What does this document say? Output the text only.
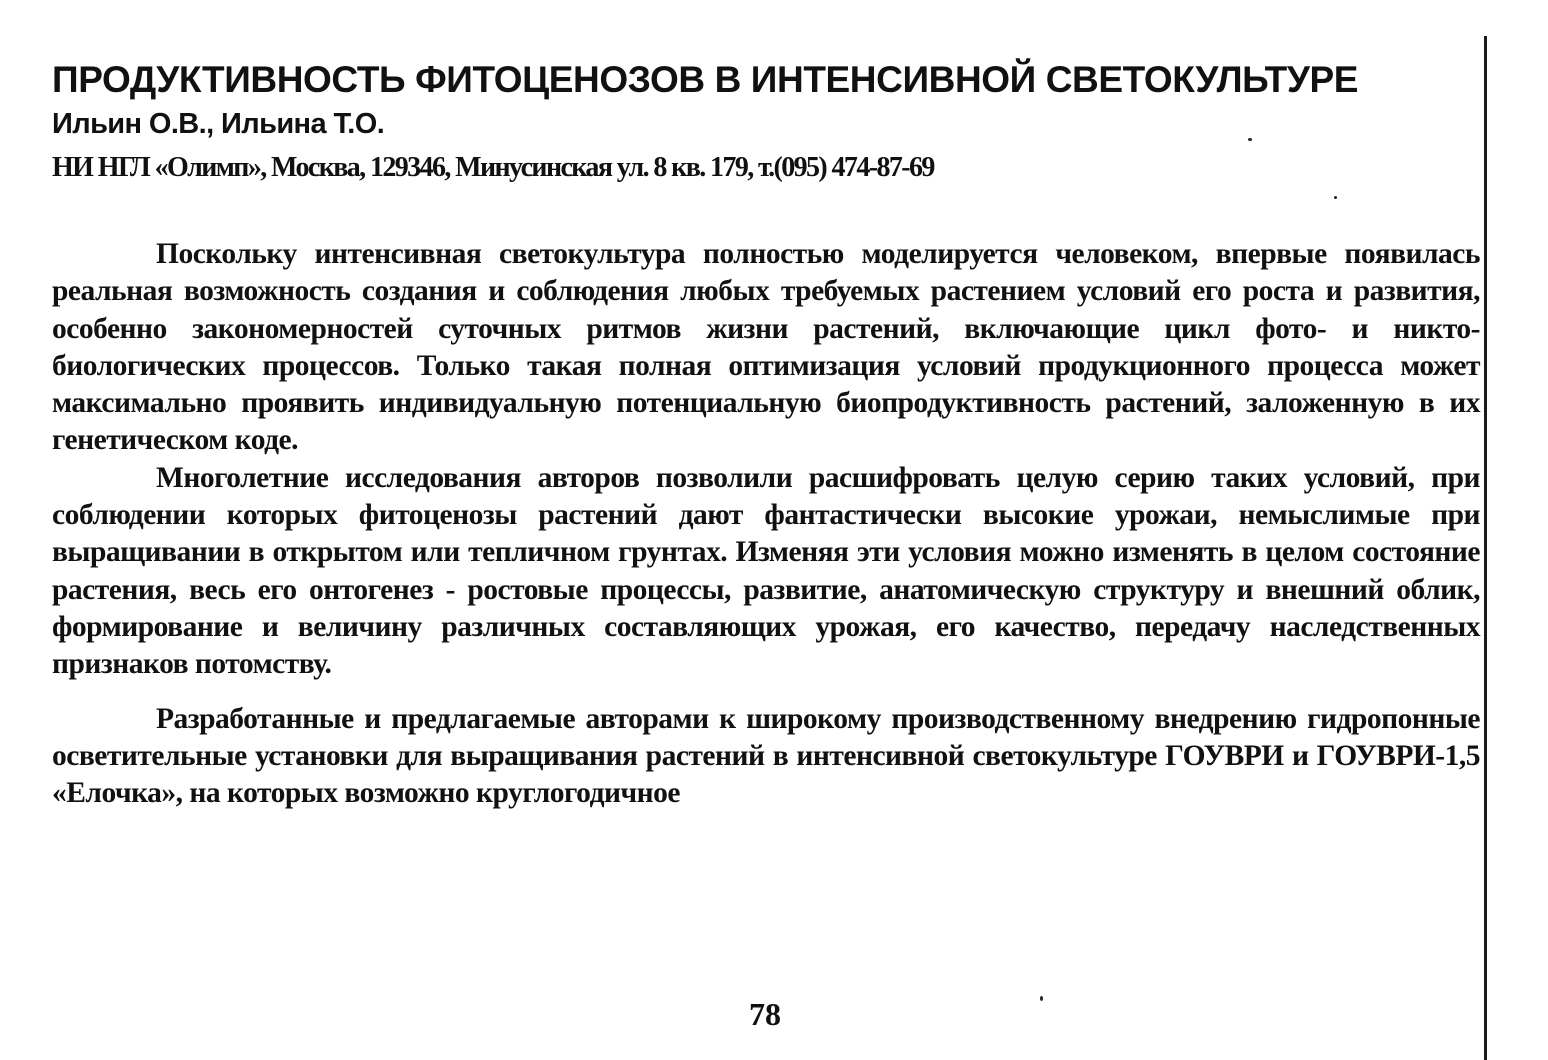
ПРОДУКТИВНОСТЬ ФИТОЦЕНОЗОВ В ИНТЕНСИВНОЙ СВЕТОКУЛЬТУРЕ
Ильин О.В., Ильина Т.О.
НИ НГЛ «Олимп», Москва, 129346, Минусинская ул. 8 кв. 179, т.(095) 474-87-69

Поскольку интенсивная светокультура полностью моделируется человеком, впервые появилась реальная возможность создания и соблюдения любых требуемых растением условий его роста и развития, особенно закономерностей суточных ритмов жизни растений, включающие цикл фото- и никто- биологических процессов. Только такая полная оптимизация условий продукционного процесса может максимально проявить индивидуальную потенциальную биопродуктивность растений, заложенную в их генетическом коде.

Многолетние исследования авторов позволили расшифровать целую серию таких условий, при соблюдении которых фитоценозы растений дают фантастически высокие урожаи, немыслимые при выращивании в открытом или тепличном грунтах. Изменяя эти условия можно изменять в целом состояние растения, весь его онтогенез - ростовые процессы, развитие, анатомическую структуру и внешний облик, формирование и величину различных составляющих урожая, его качество, передачу наследственных признаков потомству.

Разработанные и предлагаемые авторами к широкому производственному внедрению гидропонные осветительные установки для выращивания растений в интенсивной светокультуре ГОУВРИ и ГОУВРИ-1,5 «Елочка», на которых возможно круглогодичное

78
